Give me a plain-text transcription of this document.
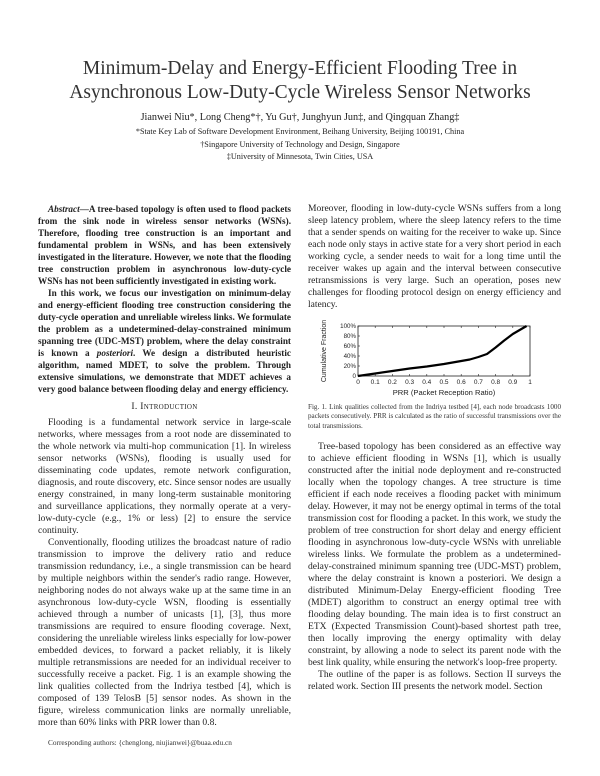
Minimum-Delay and Energy-Efficient Flooding Tree in
Asynchronous Low-Duty-Cycle Wireless Sensor Networks
Jianwei Niu*, Long Cheng*†, Yu Gu†, Junghyun Jun‡, and Qingquan Zhang‡
*State Key Lab of Software Development Environment, Beihang University, Beijing 100191, China
†Singapore University of Technology and Design, Singapore
‡University of Minnesota, Twin Cities, USA

Abstract—A tree-based topology is often used to flood packets from the sink node in wireless sensor networks (WSNs). Therefore, flooding tree construction is an important and fundamental problem in WSNs, and has been extensively investigated in the literature. However, we note that the flooding tree construction problem in asynchronous low-duty-cycle WSNs has not been sufficiently investigated in existing work.

In this work, we focus our investigation on minimum-delay and energy-efficient flooding tree construction considering the duty-cycle operation and unreliable wireless links. We formulate the problem as a undetermined-delay-constrained minimum spanning tree (UDC-MST) problem, where the delay constraint is known a posteriori. We design a distributed heuristic algorithm, named MDET, to solve the problem. Through extensive simulations, we demonstrate that MDET achieves a very good balance between flooding delay and energy efficiency.

I. Introduction

Flooding is a fundamental network service in large-scale networks, where messages from a root node are disseminated to the whole network via multi-hop communication [1]. In wireless sensor networks (WSNs), flooding is usually used for disseminating code updates, remote network configuration, diagnosis, and route discovery, etc. Since sensor nodes are usually energy constrained, in many long-term sustainable monitoring and surveillance applications, they normally operate at a very-low-duty-cycle (e.g., 1% or less) [2] to ensure the service continuity.

Conventionally, flooding utilizes the broadcast nature of radio transmission to improve the delivery ratio and reduce transmission redundancy, i.e., a single transmission can be heard by multiple neighbors within the sender's radio range. However, neighboring nodes do not always wake up at the same time in an asynchronous low-duty-cycle WSN, flooding is essentially achieved through a number of unicasts [1], [3], thus more transmissions are required to ensure flooding coverage. Next, considering the unreliable wireless links especially for low-power embedded devices, to forward a packet reliably, it is likely multiple retransmissions are needed for an individual receiver to successfully receive a packet. Fig. 1 is an example showing the link qualities collected from the Indriya testbed [4], which is composed of 139 TelosB [5] sensor nodes. As shown in the figure, wireless communication links are normally unreliable, more than 60% links with PRR lower than 0.8.

Corresponding authors: {chenglong, niujianwei}@buaa.edu.cn

Moreover, flooding in low-duty-cycle WSNs suffers from a long sleep latency problem, where the sleep latency refers to the time that a sender spends on waiting for the receiver to wake up. Since each node only stays in active state for a very short period in each working cycle, a sender needs to wait for a long time until the receiver wakes up again and the interval between consecutive retransmissions is very large. Such an operation, poses new challenges for flooding protocol design on energy efficiency and latency.

0 0.1 0.2 0.3 0.4 0.5 0.6 0.7 0.8 0.9 1
0
20%
40%
60%
80%
100%
PRR (Packet Reception Ratio)
Cumulative Fraction
Fig. 1. Link qualities collected from the Indriya testbed [4], each node broadcasts 1000 packets consecutively. PRR is calculated as the ratio of successful transmissions over the total transmissions.

Tree-based topology has been considered as an effective way to achieve efficient flooding in WSNs [1], which is usually constructed after the initial node deployment and re-constructed locally when the topology changes. A tree structure is time efficient if each node receives a flooding packet with minimum delay. However, it may not be energy optimal in terms of the total transmission cost for flooding a packet. In this work, we study the problem of tree construction for short delay and energy efficient flooding in asynchronous low-duty-cycle WSNs with unreliable wireless links. We formulate the problem as a undetermined-delay-constrained minimum spanning tree (UDC-MST) problem, where the delay constraint is known a posteriori. We design a distributed Minimum-Delay Energy-efficient flooding Tree (MDET) algorithm to construct an energy optimal tree with flooding delay bounding. The main idea is to first construct an ETX (Expected Transmission Count)-based shortest path tree, then locally improving the energy optimality with delay constraint, by allowing a node to select its parent node with the best link quality, while ensuring the network's loop-free property.

The outline of the paper is as follows. Section II surveys the related work. Section III presents the network model. Section
